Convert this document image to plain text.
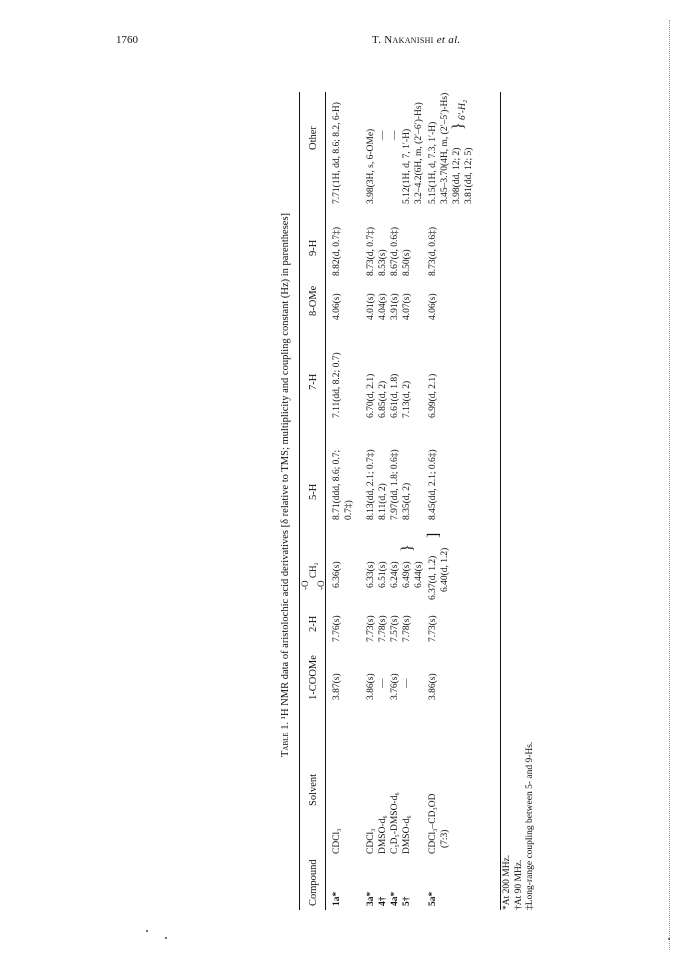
1760	T. Nakanishi et al.
Table 1. ¹H NMR data of aristolochic acid derivatives [δ relative to TMS; multiplicity and coupling constant (Hz) in parentheses]
Compound
Solvent
1-COOMe
2-H
-O
CH₂
-O
5-H
7-H
8-OMe
9-H
Other
1a*
CDCl₃
3.87(s)
7.76(s)
6.36(s)
8.71(ddd, 8.6; 0.7; 0.7‡)
7.11(dd, 8.2; 0.7)
4.06(s)
8.82(d, 0.7‡)
7.71(1H, dd, 8.6; 8.2, 6-H)
3a*
CDCl₃
3.86(s)
7.73(s)
6.33(s)
8.13(dd, 2.1; 0.7‡)
6.70(d, 2.1)
4.01(s)
8.73(d, 0.7‡)
3.98(3H, s, 6-OMe)
4†
DMSO-d₆
—
7.78(s)
6.51(s)
8.11(d, 2)
6.85(d, 2)
4.04(s)
8.53(s)
—
4a*
C₅D₅-DMSO-d₆
3.76(s)
7.57(s)
6.24(s)
7.97(dd, 1.8; 0.6‡)
6.61(d, 1.8)
3.91(s)
8.67(d, 0.6‡)
—
5†
DMSO-d₆
—
7.78(s)
6.49(s) 6.44(s)
}
8.35(d, 2)
7.13(d, 2)
4.07(s)
8.50(s)
5.12(1H, d, 7, 1′-H) 3.2–4.2(6H, m, (2′–6′)-Hs)
5a*
CDCl₃–CD₃OD (7:3)
3.86(s)
7.73(s)
6.37(d, 1.2) 6.40(d, 1.2)
]
8.45(dd, 2.1; 0.6‡)
6.99(d, 2.1)
4.06(s)
8.73(d, 0.6‡)
5.15(1H, d, 7.3, 1′-H) 3.45–3.70(4H, m, (2′–5′)-Hs) 3.98(dd, 12; 2) 3.81(dd, 12; 5)
}
6′-H₂
*At 200 MHz. †At 90 MHz. ‡Long-range coupling between 5- and 9-Hs.
